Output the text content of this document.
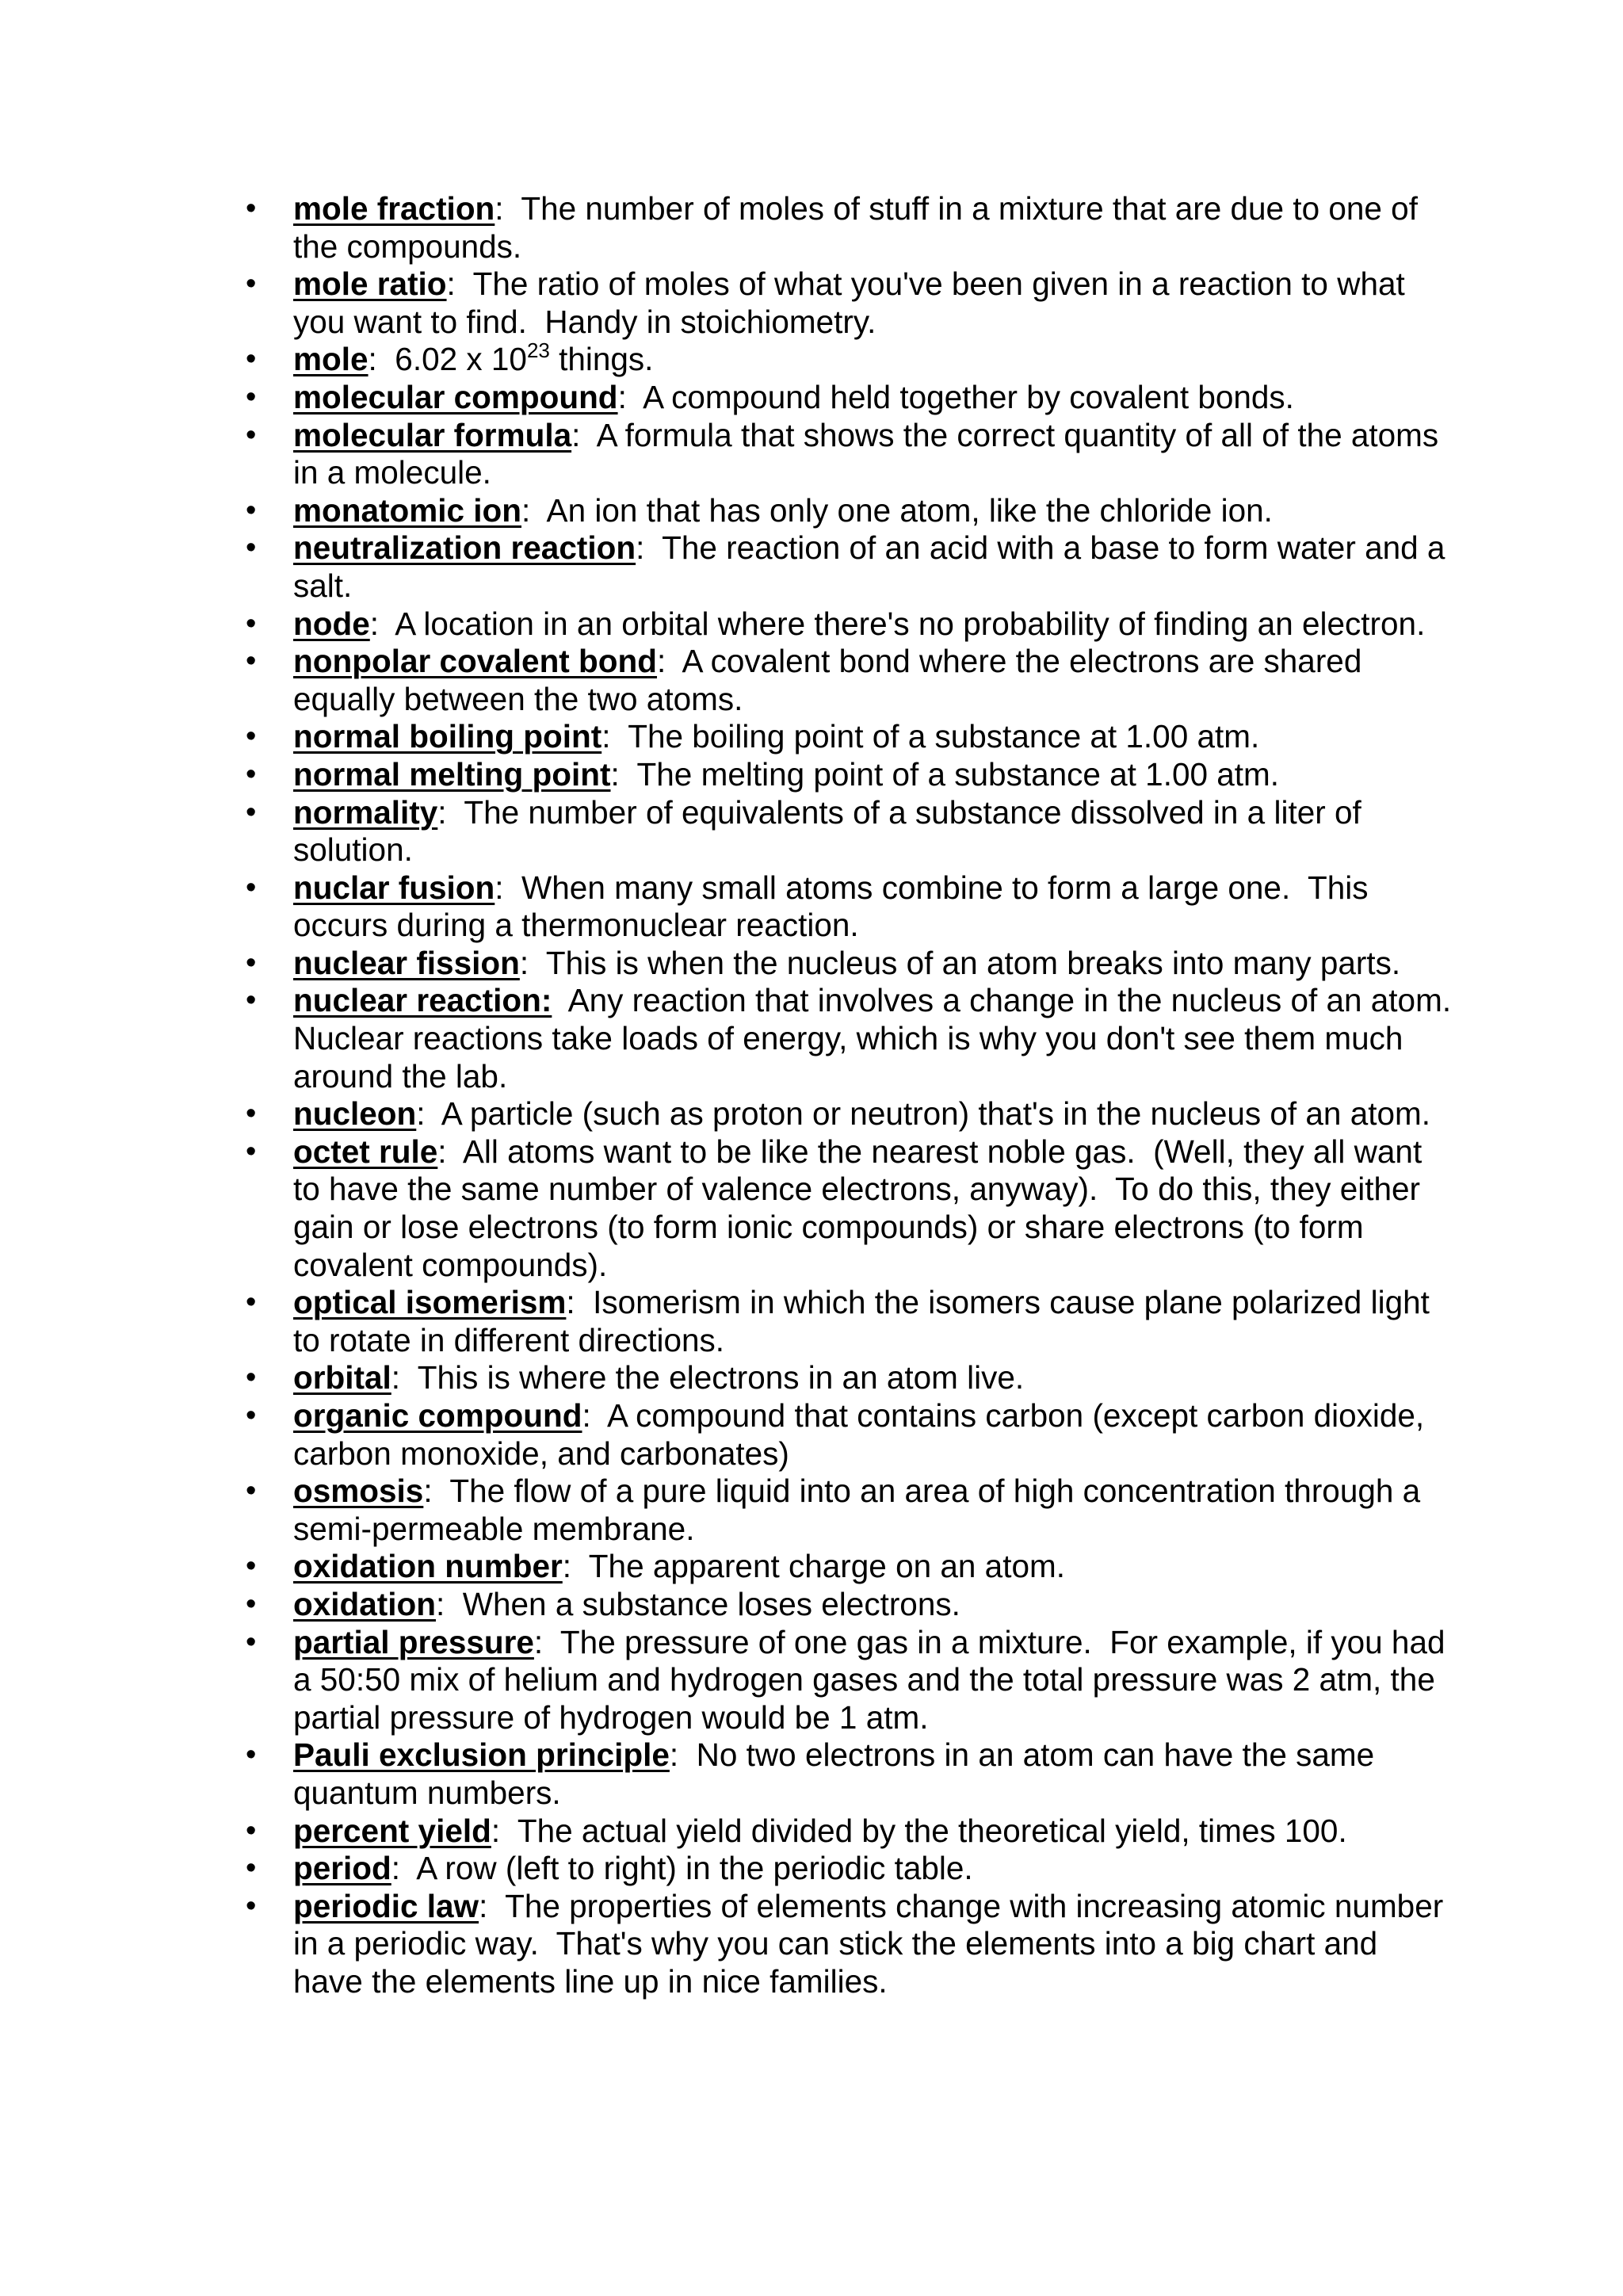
•	mole fraction:  The number of moles of stuff in a mixture that are due to one of the compounds.
•	mole ratio:  The ratio of moles of what you've been given in a reaction to what you want to find.  Handy in stoichiometry.
•	mole:  6.02 x $10^{23}$ things.
•	molecular compound:  A compound held together by covalent bonds.
•	molecular formula:  A formula that shows the correct quantity of all of the atoms in a molecule.
•	monatomic ion:  An ion that has only one atom, like the chloride ion.
•	neutralization reaction:  The reaction of an acid with a base to form water and a salt.
•	node:  A location in an orbital where there's no probability of finding an electron.
•	nonpolar covalent bond:  A covalent bond where the electrons are shared equally between the two atoms.
•	normal boiling point:  The boiling point of a substance at 1.00 atm.
•	normal melting point:  The melting point of a substance at 1.00 atm.
•	normality:  The number of equivalents of a substance dissolved in a liter of solution.
•	nuclar fusion:  When many small atoms combine to form a large one.  This occurs during a thermonuclear reaction.
•	nuclear fission:  This is when the nucleus of an atom breaks into many parts.
•	nuclear reaction:  Any reaction that involves a change in the nucleus of an atom.  Nuclear reactions take loads of energy, which is why you don't see them much around the lab.
•	nucleon:  A particle (such as proton or neutron) that's in the nucleus of an atom.
•	octet rule:  All atoms want to be like the nearest noble gas.  (Well, they all want to have the same number of valence electrons, anyway).  To do this, they either gain or lose electrons (to form ionic compounds) or share electrons (to form covalent compounds).
•	optical isomerism:  Isomerism in which the isomers cause plane polarized light to rotate in different directions.
•	orbital:  This is where the electrons in an atom live.
•	organic compound:  A compound that contains carbon (except carbon dioxide, carbon monoxide, and carbonates)
•	osmosis:  The flow of a pure liquid into an area of high concentration through a semi-permeable membrane.
•	oxidation number:  The apparent charge on an atom.
•	oxidation:  When a substance loses electrons.
•	partial pressure:  The pressure of one gas in a mixture.  For example, if you had a 50:50 mix of helium and hydrogen gases and the total pressure was 2 atm, the partial pressure of hydrogen would be 1 atm.
•	Pauli exclusion principle:  No two electrons in an atom can have the same quantum numbers.
•	percent yield:  The actual yield divided by the theoretical yield, times 100.
•	period:  A row (left to right) in the periodic table.
•	periodic law:  The properties of elements change with increasing atomic number in a periodic way.  That's why you can stick the elements into a big chart and have the elements line up in nice families.
